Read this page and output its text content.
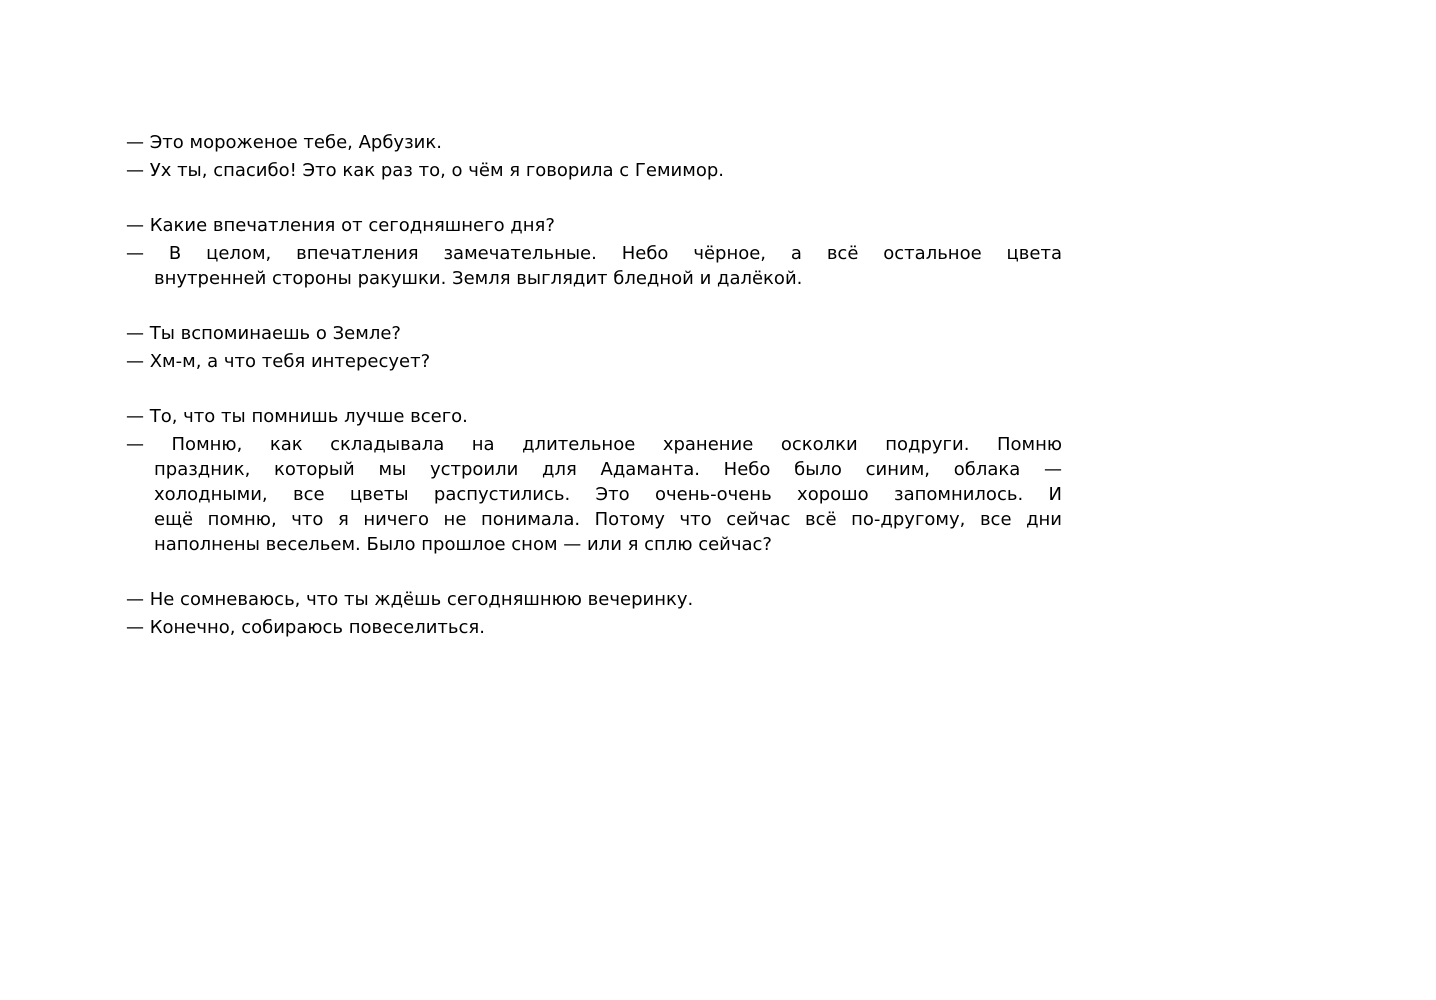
— Это мороженое тебе, Арбузик.
— Ух ты, спасибо! Это как раз то, о чём я говорила с Гемимор.
— Какие впечатления от сегодняшнего дня?
— В целом, впечатления замечательные. Небо чёрное, а всё остальное цвета
внутренней стороны ракушки. Земля выглядит бледной и далёкой.
— Ты вспоминаешь о Земле?
— Хм-м, а что тебя интересует?
— То, что ты помнишь лучше всего.
— Помню, как складывала на длительное хранение осколки подруги. Помню
праздник, который мы устроили для Адаманта. Небо было синим, облака —
холодными, все цветы распустились. Это очень-очень хорошо запомнилось. И
ещё помню, что я ничего не понимала. Потому что сейчас всё по-другому, все дни
наполнены весельем. Было прошлое сном — или я сплю сейчас?
— Не сомневаюсь, что ты ждёшь сегодняшнюю вечеринку.
— Конечно, собираюсь повеселиться.
